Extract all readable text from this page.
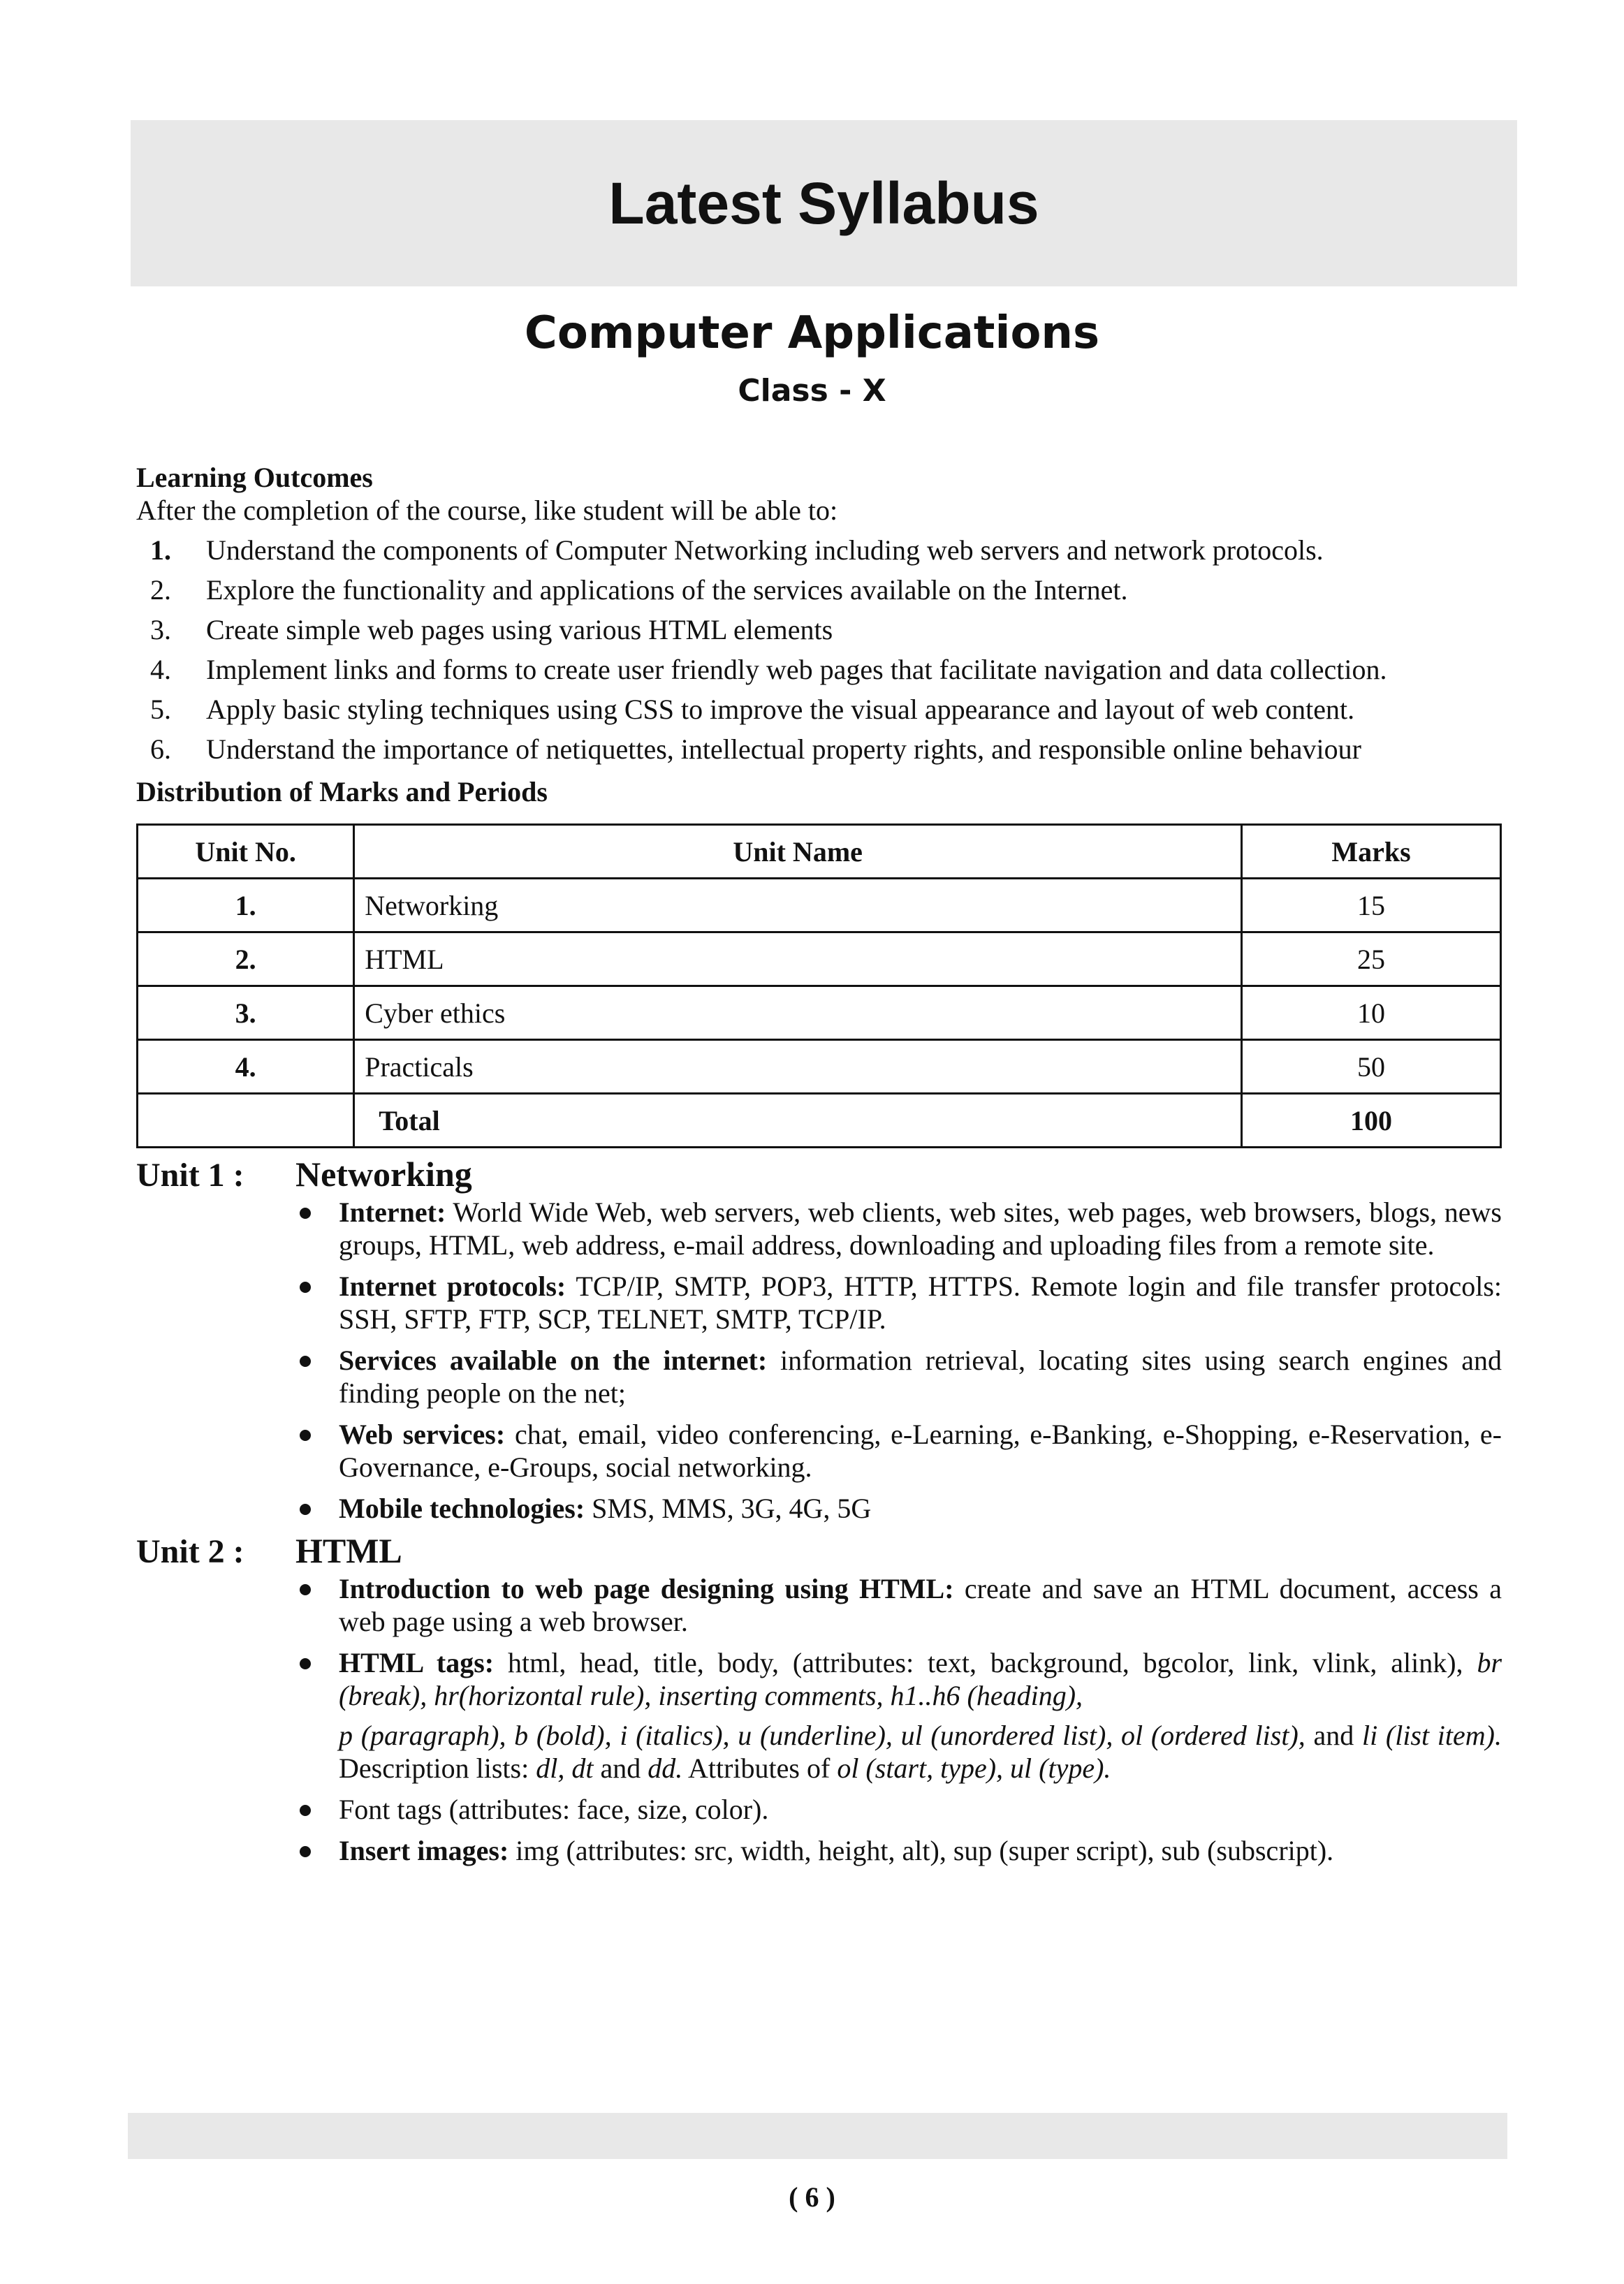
Latest Syllabus
Computer Applications
Class - X
Learning Outcomes
After the completion of the course, like student will be able to:
1.	Understand the components of Computer Networking including web servers and network protocols.
2.	Explore the functionality and applications of the services available on the Internet.
3.	Create simple web pages using various HTML elements
4.	Implement links and forms to create user friendly web pages that facilitate navigation and data collection.
5.	Apply basic styling techniques using CSS to improve the visual appearance and layout of web content.
6.	Understand the importance of netiquettes, intellectual property rights, and responsible online behaviour
Distribution of Marks and Periods
Unit No.	Unit Name	Marks
1.	Networking	15
2.	HTML	25
3.	Cyber ethics	10
4.	Practicals	50
	Total	100
Unit 1 :	Networking
Internet: World Wide Web, web servers, web clients, web sites, web pages, web browsers, blogs, news groups, HTML, web address, e-mail address, downloading and uploading files from a remote site.
Internet protocols: TCP/IP, SMTP, POP3, HTTP, HTTPS. Remote login and file transfer protocols: SSH, SFTP, FTP, SCP, TELNET, SMTP, TCP/IP.
Services available on the internet: information retrieval, locating sites using search engines and finding people on the net;
Web services: chat, email, video conferencing, e-Learning, e-Banking, e-Shopping, e-Reservation, e-Governance, e-Groups, social networking.
Mobile technologies: SMS, MMS, 3G, 4G, 5G
Unit 2 :	HTML
Introduction to web page designing using HTML: create and save an HTML document, access a web page using a web browser.
HTML tags: html, head, title, body, (attributes: text, background, bgcolor, link, vlink, alink), br (break), hr(horizontal rule), inserting comments, h1..h6 (heading),
p (paragraph), b (bold), i (italics), u (underline), ul (unordered list), ol (ordered list), and li (list item). Description lists: dl, dt and dd. Attributes of ol (start, type), ul (type).
Font tags (attributes: face, size, color).
Insert images: img (attributes: src, width, height, alt), sup (super script), sub (subscript).
( 6 )
